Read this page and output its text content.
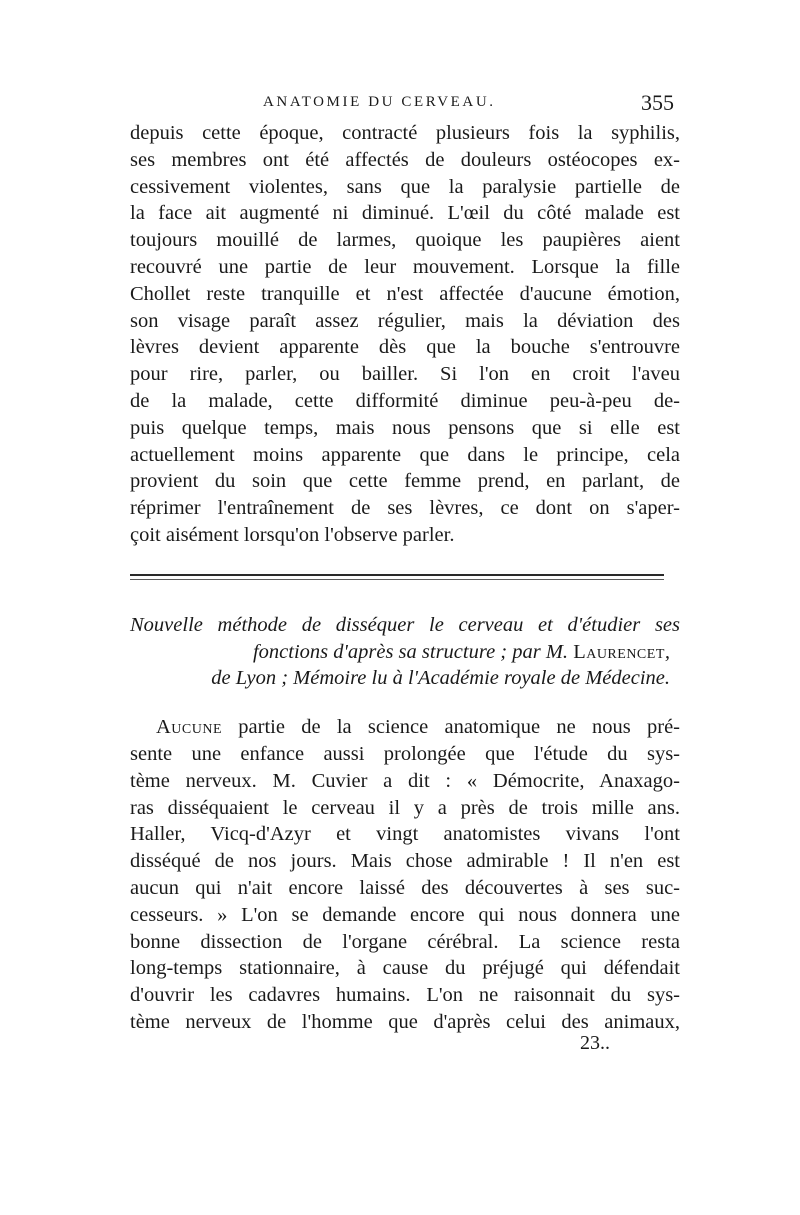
ANATOMIE DU CERVEAU.	355
depuis cette époque, contracté plusieurs fois la syphilis,
ses membres ont été affectés de douleurs ostéocopes ex-
cessivement violentes, sans que la paralysie partielle de
la face ait augmenté ni diminué. L'œil du côté malade est
toujours mouillé de larmes, quoique les paupières aient
recouvré une partie de leur mouvement. Lorsque la fille
Chollet reste tranquille et n'est affectée d'aucune émotion,
son visage paraît assez régulier, mais la déviation des
lèvres devient apparente dès que la bouche s'entrouvre
pour rire, parler, ou bailler. Si l'on en croit l'aveu
de la malade, cette difformité diminue peu-à-peu de-
puis quelque temps, mais nous pensons que si elle est
actuellement moins apparente que dans le principe, cela
provient du soin que cette femme prend, en parlant, de
réprimer l'entraînement de ses lèvres, ce dont on s'aper-
çoit aisément lorsqu'on l'observe parler.
Nouvelle méthode de disséquer le cerveau et d'étudier ses
fonctions d'après sa structure ; par M. Laurencet,
de Lyon ; Mémoire lu à l'Académie royale de Médecine.
Aucune partie de la science anatomique ne nous pré-
sente une enfance aussi prolongée que l'étude du sys-
tème nerveux. M. Cuvier a dit : « Démocrite, Anaxago-
ras disséquaient le cerveau il y a près de trois mille ans.
Haller, Vicq-d'Azyr et vingt anatomistes vivans l'ont
disséqué de nos jours. Mais chose admirable ! Il n'en est
aucun qui n'ait encore laissé des découvertes à ses suc-
cesseurs. » L'on se demande encore qui nous donnera une
bonne dissection de l'organe cérébral. La science resta
long-temps stationnaire, à cause du préjugé qui défendait
d'ouvrir les cadavres humains. L'on ne raisonnait du sys-
tème nerveux de l'homme que d'après celui des animaux,
23..
